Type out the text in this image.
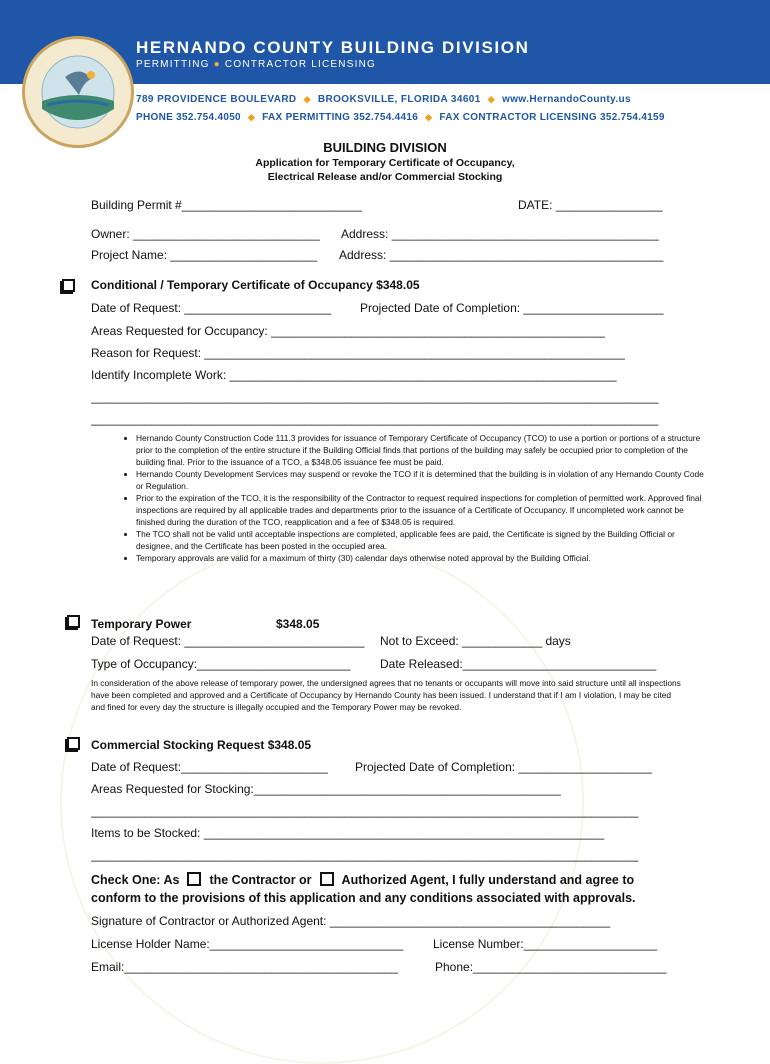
HERNANDO COUNTY BUILDING DIVISION
PERMITTING ● CONTRACTOR LICENSING
789 PROVIDENCE BOULEVARD ◆ BROOKSVILLE, FLORIDA 34601 ◆ www.HernandoCounty.us
PHONE 352.754.4050 ◆ FAX PERMITTING 352.754.4416 ◆ FAX CONTRACTOR LICENSING 352.754.4159
BUILDING DIVISION
Application for Temporary Certificate of Occupancy,
Electrical Release and/or Commercial Stocking
Building Permit #___________________________	DATE: ________________
Owner: ____________________________ Address: ________________________________________
Project Name: ______________________ Address: _________________________________________
Conditional / Temporary Certificate of Occupancy $348.05
Date of Request: ______________________ Projected Date of Completion: _____________________
Areas Requested for Occupancy: __________________________________________________
Reason for Request: _______________________________________________________________
Identify Incomplete Work: __________________________________________________________
_____________________________________________________________________________________
_____________________________________________________________________________________
• Hernando County Construction Code 111.3 provides for issuance of Temporary Certificate of Occupancy (TCO) to use a portion or portions of a structure prior to the completion of the entire structure if the Building Official finds that portions of the building may safely be occupied prior to completion of the building final. Prior to the issuance of a TCO, a $348.05 issuance fee must be paid.
• Hernando County Development Services may suspend or revoke the TCO if it is determined that the building is in violation of any Hernando County Code or Regulation.
• Prior to the expiration of the TCO, it is the responsibility of the Contractor to request required inspections for completion of permitted work. Approved final inspections are required by all applicable trades and departments prior to the issuance of a Certificate of Occupancy. If uncompleted work cannot be finished during the duration of the TCO, reapplication and a fee of $348.05 is required.
• The TCO shall not be valid until acceptable inspections are completed, applicable fees are paid, the Certificate is signed by the Building Official or designee, and the Certificate has been posted in the occupied area.
• Temporary approvals are valid for a maximum of thirty (30) calendar days otherwise noted approval by the Building Official.
Temporary Power	$348.05
Date of Request: ___________________________ Not to Exceed: ____________ days
Type of Occupancy:_______________________ Date Released:_____________________________

In consideration of the above release of temporary power, the undersigned agrees that no tenants or occupants will move into said structure until all inspections have been completed and approved and a Certificate of Occupancy by Hernando County has been issued. I understand that if I am I violation, I may be cited and fined for every day the structure is illegally occupied and the Temporary Power may be revoked.

Commercial Stocking Request $348.05
Date of Request:______________________ Projected Date of Completion: ____________________
Areas Requested for Stocking:______________________________________________
__________________________________________________________________________________
Items to be Stocked: ____________________________________________________________
__________________________________________________________________________________

Check One: As the Contractor or Authorized Agent, I fully understand and agree to
conform to the provisions of this application and any conditions associated with approvals.

Signature of Contractor or Authorized Agent: __________________________________________
License Holder Name:_____________________________ License Number:____________________
Email:_________________________________________	Phone:_____________________________
